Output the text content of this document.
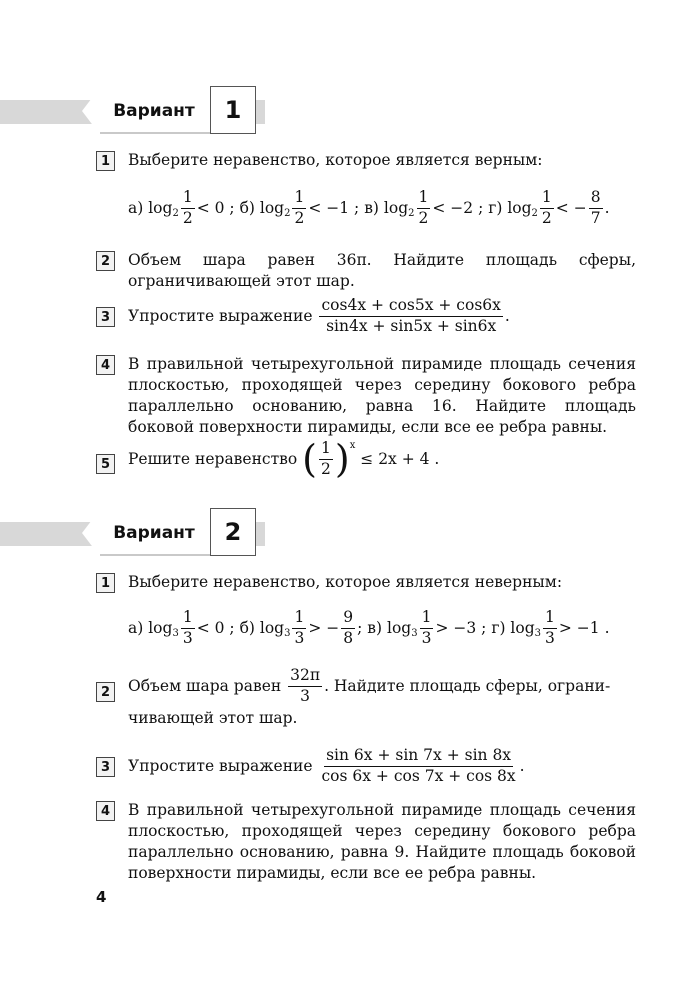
Вариант	1
1	Выберите неравенство, которое является верным:
а) $\log 2 \frac{1}{2} < 0$ ;
б) $\log 2 \frac{1}{2} < -1$ ;
в) $\log 2 \frac{1}{2} < -2$ ;
г) $\log 2 \frac{1}{2}$ < − $\frac{8}{7}$ .
2	Объем шара равен 36π. Найдите площадь сферы, ограничивающей этот шар.
3	Упростите выражение
$\frac{\cos 4x + \cos 5x + \cos 6x}{\sin 4x + \sin 5x + \sin 6x}$ .
4	В правильной четырехугольной пирамиде площадь сечения плоскостью, проходящей через середину бокового ребра параллельно основанию, равна 16. Найдите площадь боковой поверхности пирамиды, если все ее ребра равны.
5	Решите неравенство
( $\frac{1}{2}$ ) x

≤ 2x + 4 .
Вариант	2
1	Выберите неравенство, которое является неверным:
а) $\log 3 \frac{1}{3} < 0$ ;
б) $\log 3 \frac{1}{3}$ > − $\frac{9}{8}$ ;
в) $\log 3 \frac{1}{3} > -3$ ;
г) $\log 3 \frac{1}{3} > -1$ .
2	Объем шара равен
$\frac{32\pi}{3}$ . Найдите площадь сферы, ограни-
чивающей этот шар.
3	Упростите выражение
$\frac{\sin 6x + \sin 7x + \sin 8x}{\cos 6x + \cos 7x + \cos 8x}$ .
4	В правильной четырехугольной пирамиде площадь сечения плоскостью, проходящей через середину бокового ребра параллельно основанию, равна 9. Найдите площадь боковой поверхности пирамиды, если все ее ребра равны.
4
